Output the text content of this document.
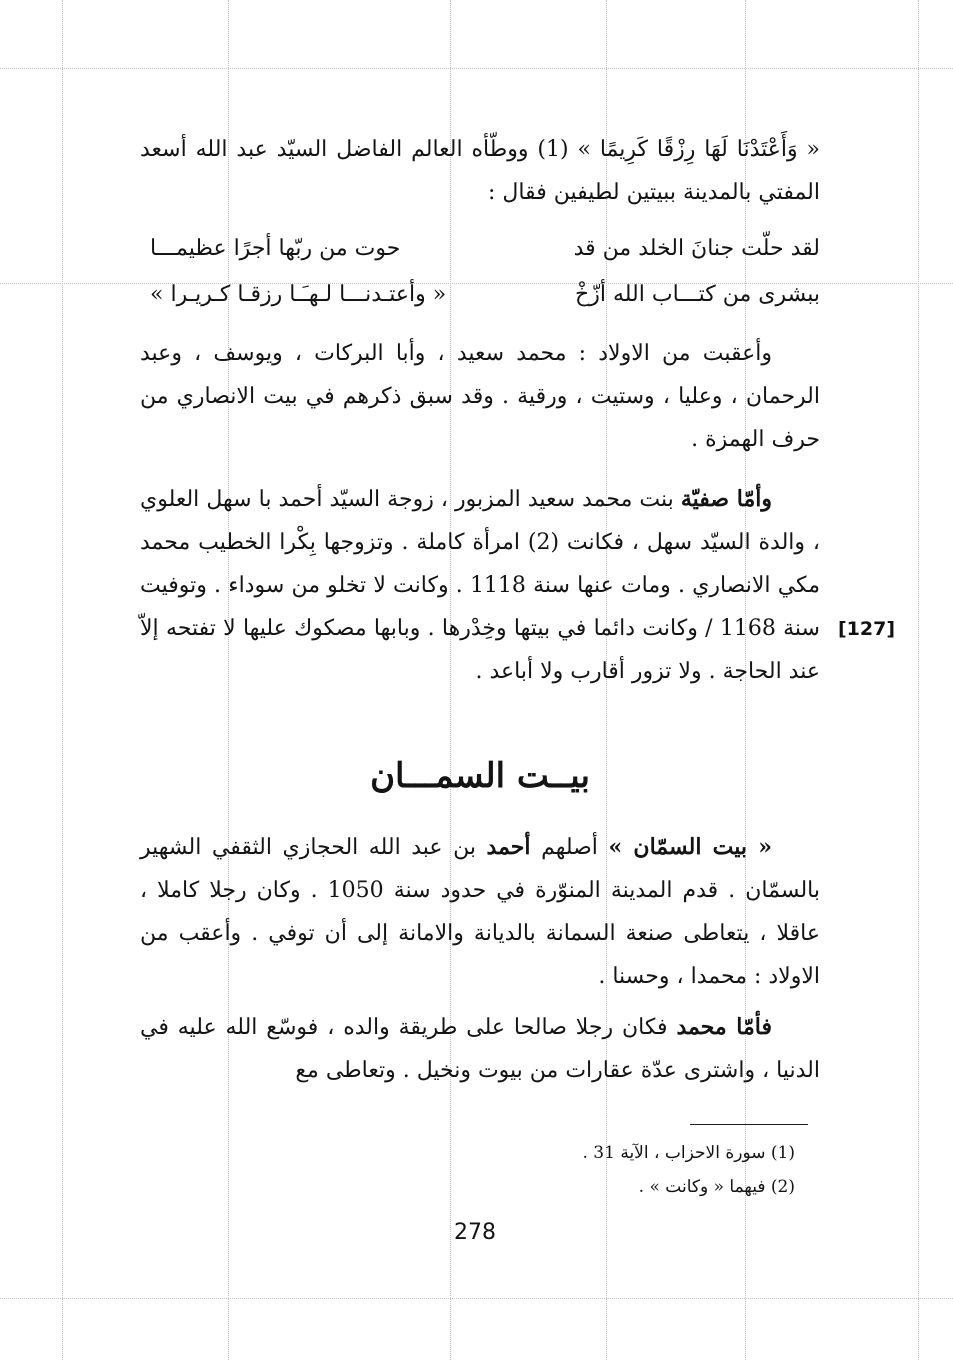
« وَأَعْتَدْنَا لَهَا رِزْقًا كَرِيمًا » (1) ووطّأه العالم الفاضل السيّد عبد الله أسعد المفتي بالمدينة ببيتين لطيفين فقال :

لقد حلّت جنانَ الخلد من قد
حوت من ربّها أجرًا عظيمـــا
ببشرى من كتـــاب الله أزّخْ
« وأعتـدنـــا لـهـَـا رزقـا كـريـرا »

وأعقبت من الاولاد : محمد سعيد ، وأبا البركات ، ويوسف ، وعبد الرحمان ، وعليا ، وستيت ، ورقية . وقد سبق ذكرهم في بيت الانصاري من حرف الهمزة .

وأمّا صفيّة بنت محمد سعيد المزبور ، زوجة السيّد أحمد با سهل العلوي ، والدة السيّد سهل ، فكانت (2) امرأة كاملة . وتزوجها بِكْرا الخطيب محمد مكي الانصاري . ومات عنها سنة 1118 . وكانت لا تخلو من سوداء . وتوفيت سنة 1168 / وكانت دائما في بيتها وخِدْرها . وبابها مصكوك عليها لا تفتحه إلاّ عند الحاجة . ولا تزور أقارب ولا أباعد .

[127]
بيــت السمـــان

« بيت السمّان » أصلهم أحمد بن عبد الله الحجازي الثقفي الشهير بالسمّان . قدم المدينة المنوّرة في حدود سنة 1050 . وكان رجلا كاملا ، عاقلا ، يتعاطى صنعة السمانة بالديانة والامانة إلى أن توفي . وأعقب من الاولاد : محمدا ، وحسنا .

فأمّا محمد فكان رجلا صالحا على طريقة والده ، فوسّع الله عليه في الدنيا ، واشترى عدّة عقارات من بيوت ونخيل . وتعاطى مع

(1) سورة الاحزاب ، الآية 31 .
(2) فيهما « وكانت » .
278
